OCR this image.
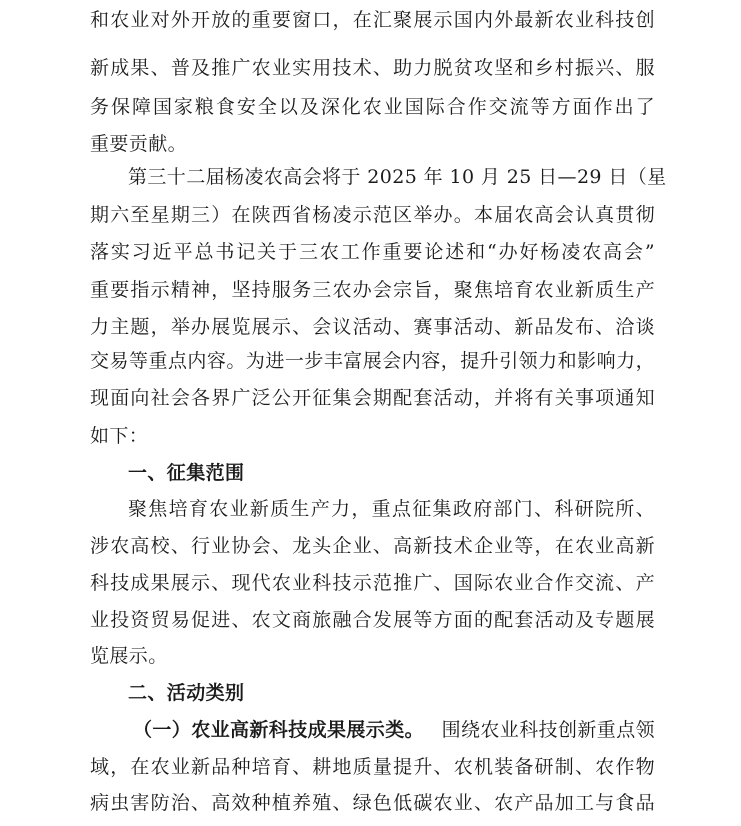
和农业对外开放的重要窗口，在汇聚展示国内外最新农业科技创
新成果、普及推广农业实用技术、助力脱贫攻坚和乡村振兴、服
务保障国家粮食安全以及深化农业国际合作交流等方面作出了
重要贡献。
第三十二届杨凌农高会将于 2025 年 10 月 25 日—29 日（星
期六至星期三）在陕西省杨凌示范区举办。本届农高会认真贯彻
落实习近平总书记关于三农工作重要论述和“办好杨凌农高会”
重要指示精神，坚持服务三农办会宗旨，聚焦培育农业新质生产
力主题，举办展览展示、会议活动、赛事活动、新品发布、洽谈
交易等重点内容。为进一步丰富展会内容，提升引领力和影响力，
现面向社会各界广泛公开征集会期配套活动，并将有关事项通知
如下：
一、征集范围
聚焦培育农业新质生产力，重点征集政府部门、科研院所、
涉农高校、行业协会、龙头企业、高新技术企业等，在农业高新
科技成果展示、现代农业科技示范推广、国际农业合作交流、产
业投资贸易促进、农文商旅融合发展等方面的配套活动及专题展
览展示。
二、活动类别
（一）农业高新科技成果展示类。 围绕农业科技创新重点领
域，在农业新品种培育、耕地质量提升、农机装备研制、农作物
病虫害防治、高效种植养殖、绿色低碳农业、农产品加工与食品
